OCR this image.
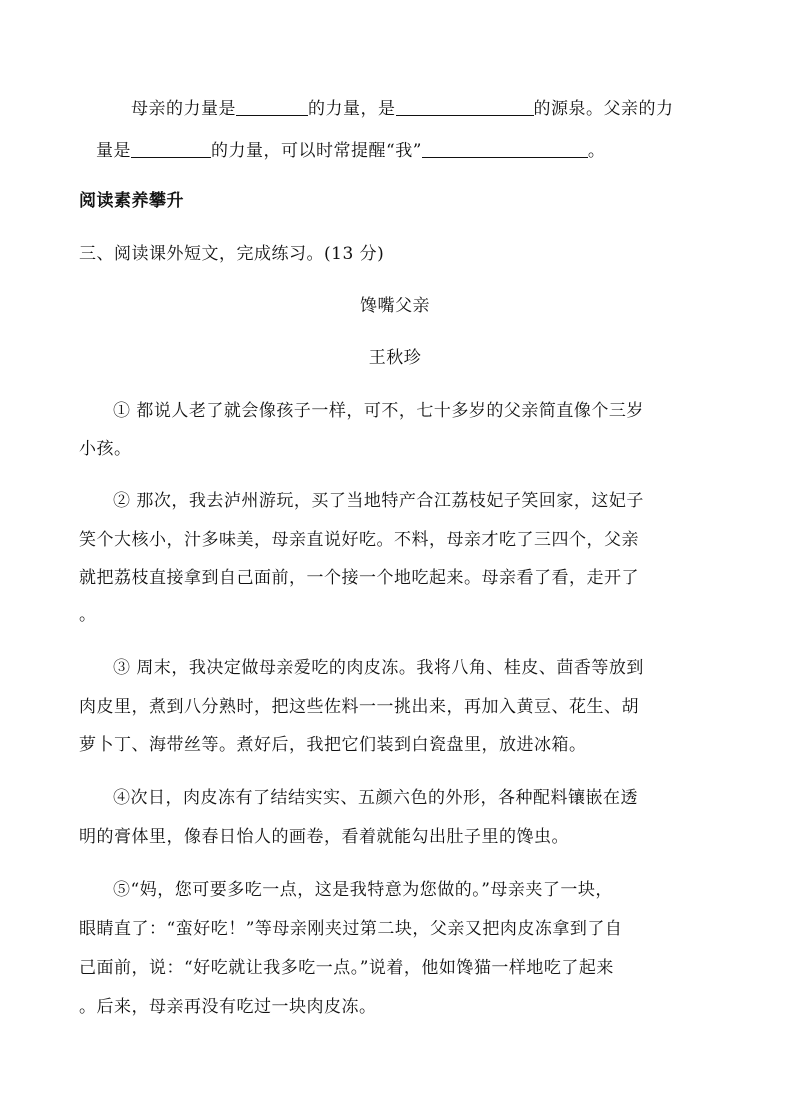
母亲的力量是	的力量，是	的源泉。父亲的力
量是	的力量，可以时常提醒“我”	。
阅读素养攀升
三、阅读课外短文，完成练习。(13 分)
馋嘴父亲
王秋珍
① 都说人老了就会像孩子一样，可不，七十多岁的父亲简直像个三岁
小孩。
② 那次，我去泸州游玩，买了当地特产合江荔枝妃子笑回家，这妃子
笑个大核小，汁多味美，母亲直说好吃。不料，母亲才吃了三四个，父亲
就把荔枝直接拿到自己面前，一个接一个地吃起来。母亲看了看，走开了
。
③ 周末，我决定做母亲爱吃的肉皮冻。我将八角、桂皮、茴香等放到
肉皮里，煮到八分熟时，把这些佐料一一挑出来，再加入黄豆、花生、胡
萝卜丁、海带丝等。煮好后，我把它们装到白瓷盘里，放进冰箱。
④次日，肉皮冻有了结结实实、五颜六色的外形，各种配料镶嵌在透
明的膏体里，像春日怡人的画卷，看着就能勾出肚子里的馋虫。
⑤“妈，您可要多吃一点，这是我特意为您做的。”母亲夹了一块，
眼睛直了：“蛮好吃！”等母亲刚夹过第二块，父亲又把肉皮冻拿到了自
己面前，说：“好吃就让我多吃一点。”说着，他如馋猫一样地吃了起来
。后来，母亲再没有吃过一块肉皮冻。
